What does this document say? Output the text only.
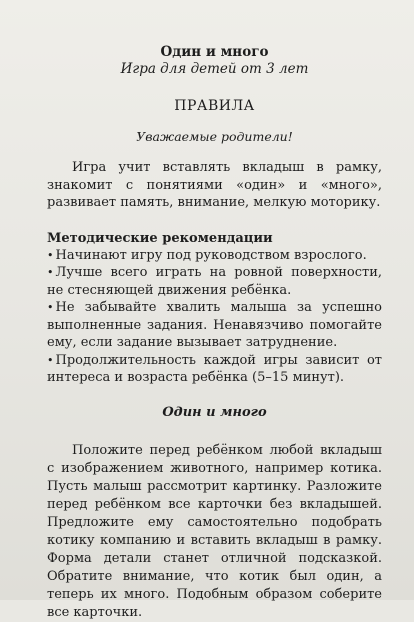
Один и много
Игра для детей от 3 лет
ПРАВИЛА
Уважаемые родители!

Игра учит вставлять вкладыш в рамку, знакомит с понятиями «один» и «много», развивает память, внимание, мелкую моторику.

Методические рекомендации
• Начинают игру под руководством взрослого.
• Лучше всего играть на ровной поверхности, не стесняющей движения ребёнка.
• Не забывайте хвалить малыша за успешно выполненные задания. Ненавязчиво помогайте ему, если задание вызывает затруднение.
• Продолжительность каждой игры зависит от интереса и возраста ребёнка (5–15 минут).
Один и много
Положите перед ребёнком любой вкладыш с изображением животного, например котика. Пусть малыш рассмотрит картинку. Разложите перед ребёнком все карточки без вкладышей. Предложите ему самостоятельно подобрать котику компанию и вставить вкладыш в рамку. Форма детали станет отличной подсказкой. Обратите внимание, что котик был один, а теперь их много. Подобным образом соберите все карточки.
